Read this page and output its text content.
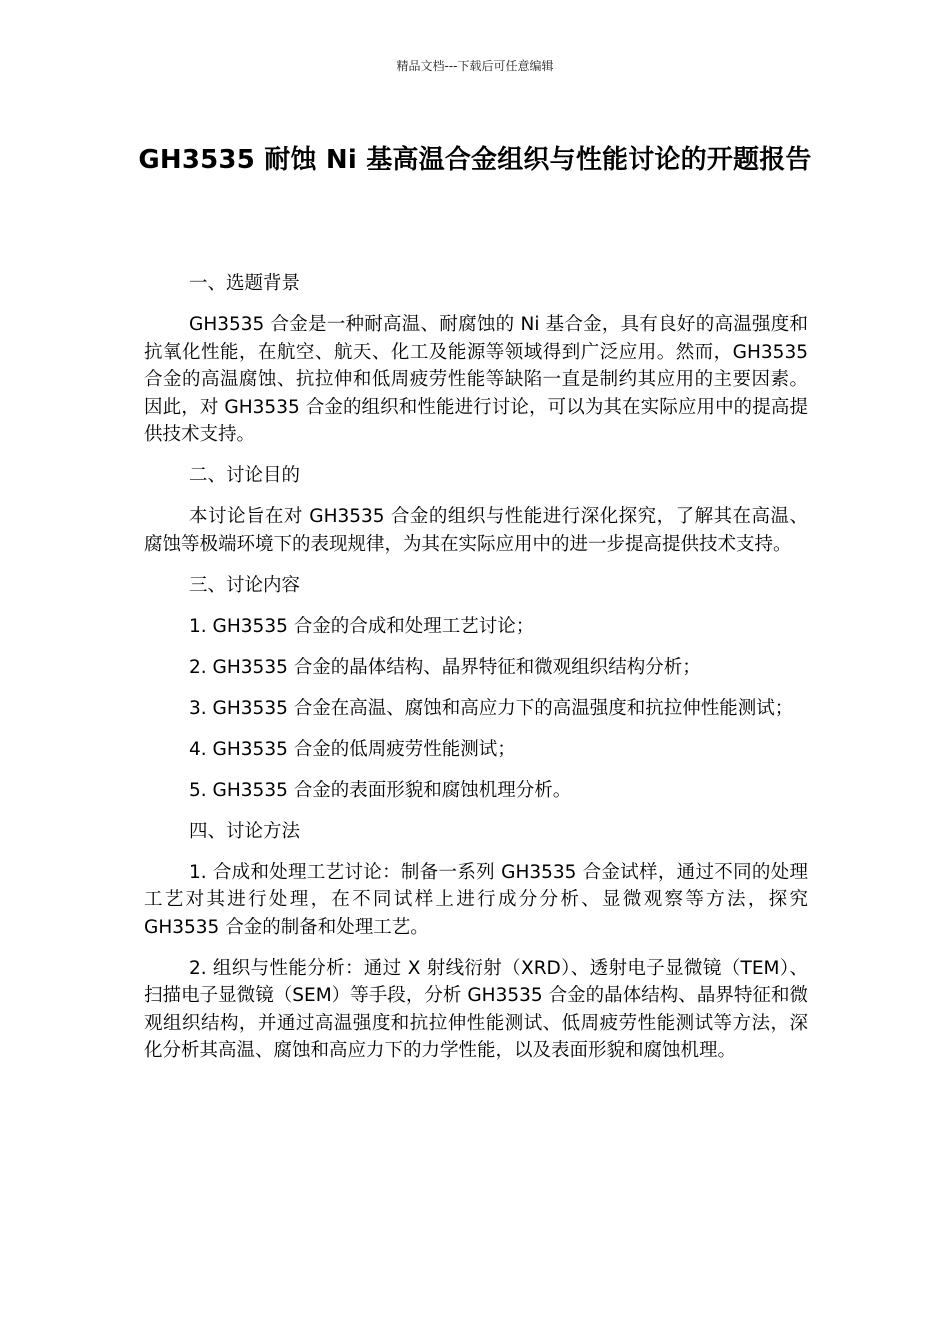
精品文档---下载后可任意编辑
GH3535 耐蚀 Ni 基高温合金组织与性能讨论的开题报告

一、选题背景

GH3535 合金是一种耐高温、耐腐蚀的 Ni 基合金，具有良好的高温强度和抗氧化性能，在航空、航天、化工及能源等领域得到广泛应用。然而，GH3535 合金的高温腐蚀、抗拉伸和低周疲劳性能等缺陷一直是制约其应用的主要因素。因此，对 GH3535 合金的组织和性能进行讨论，可以为其在实际应用中的提高提供技术支持。

二、讨论目的

本讨论旨在对 GH3535 合金的组织与性能进行深化探究，了解其在高温、腐蚀等极端环境下的表现规律，为其在实际应用中的进一步提高提供技术支持。

三、讨论内容

1. GH3535 合金的合成和处理工艺讨论；

2. GH3535 合金的晶体结构、晶界特征和微观组织结构分析；

3. GH3535 合金在高温、腐蚀和高应力下的高温强度和抗拉伸性能测试；

4. GH3535 合金的低周疲劳性能测试；

5. GH3535 合金的表面形貌和腐蚀机理分析。

四、讨论方法

1. 合成和处理工艺讨论：制备一系列 GH3535 合金试样，通过不同的处理工艺对其进行处理，在不同试样上进行成分分析、显微观察等方法，探究 GH3535 合金的制备和处理工艺。

2. 组织与性能分析：通过 X 射线衍射（XRD）、透射电子显微镜（TEM）、扫描电子显微镜（SEM）等手段，分析 GH3535 合金的晶体结构、晶界特征和微观组织结构，并通过高温强度和抗拉伸性能测试、低周疲劳性能测试等方法，深化分析其高温、腐蚀和高应力下的力学性能，以及表面形貌和腐蚀机理。
